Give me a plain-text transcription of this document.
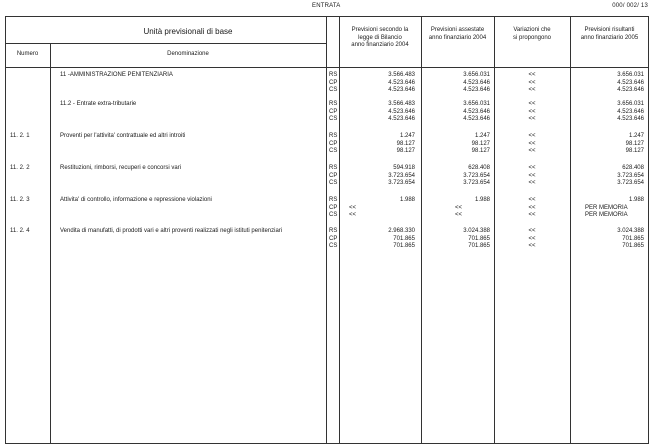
ENTRATA	000/ 002/ 13
Unità previsionali di base
Numero	Denominazione
Previsioni secondo la
legge di Bilancio
anno finanziario 2004
Previsioni assestate
anno finanziario 2004
Variazioni che
si propongono
Previsioni risultanti
anno finanziario 2005
11 -AMMINISTRAZIONE PENITENZIARIA	RS	3.566.483	3.656.031	<<	3.656.031
CP	4.523.646	4.523.646	<<	4.523.646
CS	4.523.646	4.523.646	<<	4.523.646
11.2 - Entrate extra-tributarie	RS	3.566.483	3.656.031	<<	3.656.031
CP	4.523.646	4.523.646	<<	4.523.646
CS	4.523.646	4.523.646	<<	4.523.646
11. 2. 1	Proventi per l'attivita' contrattuale ed altri introiti	RS	1.247	1.247	<<	1.247
CP	98.127	98.127	<<	98.127
CS	98.127	98.127	<<	98.127
11. 2. 2	Restituzioni, rimborsi, recuperi e concorsi vari	RS	594.918	628.408	<<	628.408
CP	3.723.654	3.723.654	<<	3.723.654
CS	3.723.654	3.723.654	<<	3.723.654
11. 2. 3	Attivita' di controllo, informazione e repressione violazioni	RS	1.988	1.988	<<	1.988
CP <<	<<	<<	PER MEMORIA
CS <<	<<	<<	PER MEMORIA
11. 2. 4	Vendita di manufatti, di prodotti vari e altri proventi realizzati negli istituti penitenziari	RS	2.968.330	3.024.388	<<	3.024.388
CP	701.865	701.865	<<	701.865
CS	701.865	701.865	<<	701.865
